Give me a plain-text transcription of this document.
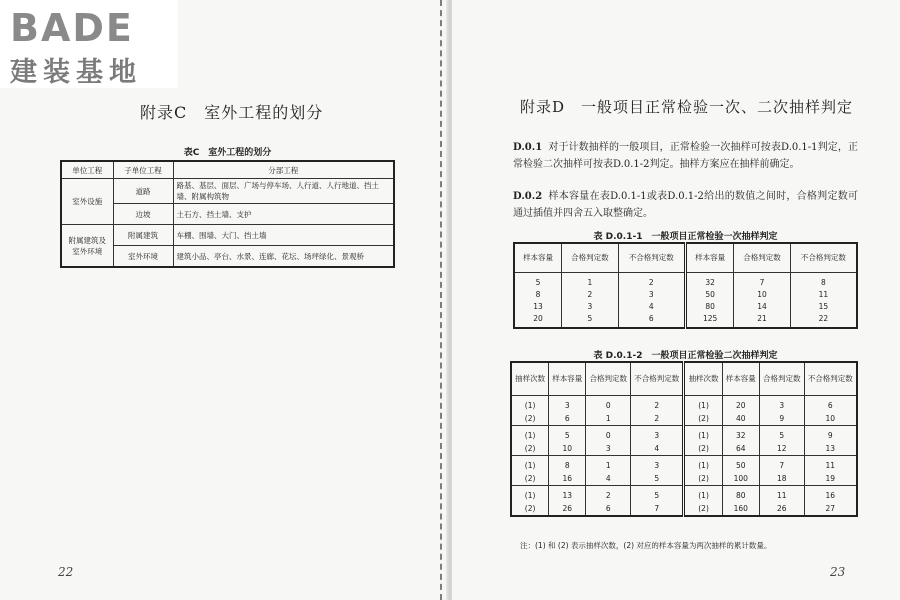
BADE
建装基地
附录C　室外工程的划分
表C　室外工程的划分
单位工程	子单位工程	分部工程
室外设施	道路	路基、基层、面层、广场与停车场、人行道、人行地道、挡土墙、附属构筑物
	边坡	土石方、挡土墙、支护
附属建筑及室外环境	附属建筑	车棚、围墙、大门、挡土墙
	室外环境	建筑小品、亭台、水景、连廊、花坛、场坪绿化、景观桥
22
附录D　一般项目正常检验一次、二次抽样判定
D.0.1 对于计数抽样的一般项目，正常检验一次抽样可按表D.0.1-1判定，正常检验二次抽样可按表D.0.1-2判定。抽样方案应在抽样前确定。
D.0.2 样本容量在表D.0.1-1或表D.0.1-2给出的数值之间时，合格判定数可通过插值并四舍五入取整确定。
表 D.0.1-1　一般项目正常检验一次抽样判定
样本容量	合格判定数	不合格判定数	样本容量	合格判定数	不合格判定数
5	1	2	32	7	8
8	2	3	50	10	11
13	3	4	80	14	15
20	5	6	125	21	22
表 D.0.1-2　一般项目正常检验二次抽样判定
抽样次数	样本容量	合格判定数	不合格判定数	抽样次数	样本容量	合格判定数	不合格判定数
(1)	3	0	2	(1)	20	3	6
(2)	6	1	2	(2)	40	9	10
(1)	5	0	3	(1)	32	5	9
(2)	10	3	4	(2)	64	12	13
(1)	8	1	3	(1)	50	7	11
(2)	16	4	5	(2)	100	18	19
(1)	13	2	5	(1)	80	11	16
(2)	26	6	7	(2)	160	26	27
注：(1) 和 (2) 表示抽样次数，(2) 对应的样本容量为两次抽样的累计数量。
23
